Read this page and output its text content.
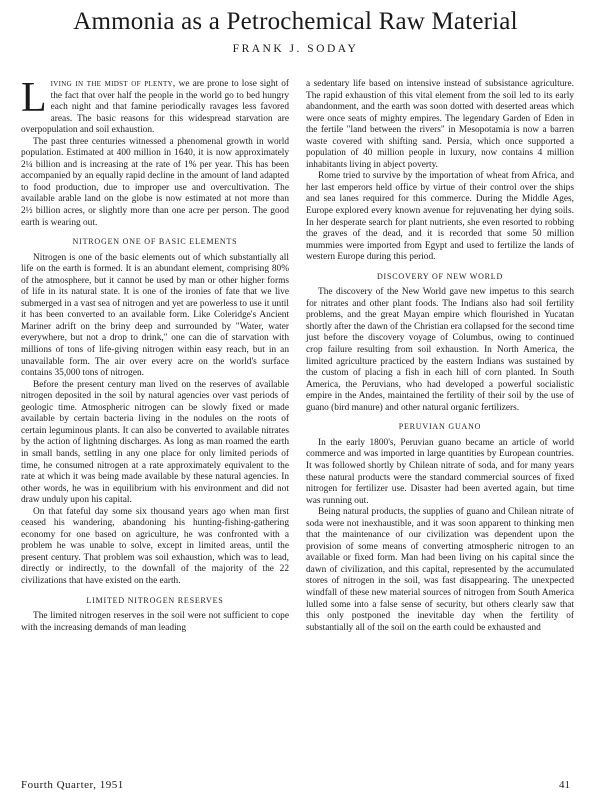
Ammonia as a Petrochemical Raw Material
FRANK J. SODAY

Living in the midst of plenty, we are prone to lose sight of the fact that over half the people in the world go to bed hungry each night and that famine periodically ravages less favored areas. The basic reasons for this widespread starvation are overpopulation and soil exhaustion.

The past three centuries witnessed a phenomenal growth in world population. Estimated at 400 million in 1640, it is now approximately 2¼ billion and is increasing at the rate of 1% per year. This has been accompanied by an equally rapid decline in the amount of land adapted to food production, due to improper use and overcultivation. The available arable land on the globe is now estimated at not more than 2½ billion acres, or slightly more than one acre per person. The good earth is wearing out.

NITROGEN ONE OF BASIC ELEMENTS

Nitrogen is one of the basic elements out of which substantially all life on the earth is formed. It is an abundant element, comprising 80% of the atmosphere, but it cannot be used by man or other higher forms of life in its natural state. It is one of the ironies of fate that we live submerged in a vast sea of nitrogen and yet are powerless to use it until it has been converted to an available form. Like Coleridge's Ancient Mariner adrift on the briny deep and surrounded by "Water, water everywhere, but not a drop to drink," one can die of starvation with millions of tons of life-giving nitrogen within easy reach, but in an unavailable form. The air over every acre on the world's surface contains 35,000 tons of nitrogen.

Before the present century man lived on the reserves of available nitrogen deposited in the soil by natural agencies over vast periods of geologic time. Atmospheric nitrogen can be slowly fixed or made available by certain bacteria living in the nodules on the roots of certain leguminous plants. It can also be converted to available nitrates by the action of lightning discharges. As long as man roamed the earth in small bands, settling in any one place for only limited periods of time, he consumed nitrogen at a rate approximately equivalent to the rate at which it was being made available by these natural agencies. In other words, he was in equilibrium with his environment and did not draw unduly upon his capital.

On that fateful day some six thousand years ago when man first ceased his wandering, abandoning his hunting-fishing-gathering economy for one based on agriculture, he was confronted with a problem he was unable to solve, except in limited areas, until the present century. That problem was soil exhaustion, which was to lead, directly or indirectly, to the downfall of the majority of the 22 civilizations that have existed on the earth.

LIMITED NITROGEN RESERVES

The limited nitrogen reserves in the soil were not sufficient to cope with the increasing demands of man leading

a sedentary life based on intensive instead of subsistance agriculture. The rapid exhaustion of this vital element from the soil led to its early abandonment, and the earth was soon dotted with deserted areas which were once seats of mighty empires. The legendary Garden of Eden in the fertile "land between the rivers" in Mesopotamia is now a barren waste covered with shifting sand. Persia, which once supported a population of 40 million people in luxury, now contains 4 million inhabitants living in abject poverty.

Rome tried to survive by the importation of wheat from Africa, and her last emperors held office by virtue of their control over the ships and sea lanes required for this commerce. During the Middle Ages, Europe explored every known avenue for rejuvenating her dying soils. In her desperate search for plant nutrients, she even resorted to robbing the graves of the dead, and it is recorded that some 50 million mummies were imported from Egypt and used to fertilize the lands of western Europe during this period.

DISCOVERY OF NEW WORLD

The discovery of the New World gave new impetus to this search for nitrates and other plant foods. The Indians also had soil fertility problems, and the great Mayan empire which flourished in Yucatan shortly after the dawn of the Christian era collapsed for the second time just before the discovery voyage of Columbus, owing to continued crop failure resulting from soil exhaustion. In North America, the limited agriculture practiced by the eastern Indians was sustained by the custom of placing a fish in each hill of corn planted. In South America, the Peruvians, who had developed a powerful socialistic empire in the Andes, maintained the fertility of their soil by the use of guano (bird manure) and other natural organic fertilizers.

PERUVIAN GUANO

In the early 1800's, Peruvian guano became an article of world commerce and was imported in large quantities by European countries. It was followed shortly by Chilean nitrate of soda, and for many years these natural products were the standard commercial sources of fixed nitrogen for fertilizer use. Disaster had been averted again, but time was running out.

Being natural products, the supplies of guano and Chilean nitrate of soda were not inexhaustible, and it was soon apparent to thinking men that the maintenance of our civilization was dependent upon the provision of some means of converting atmospheric nitrogen to an available or fixed form. Man had been living on his capital since the dawn of civilization, and this capital, represented by the accumulated stores of nitrogen in the soil, was fast disappearing. The unexpected windfall of these new material sources of nitrogen from South America lulled some into a false sense of security, but others clearly saw that this only postponed the inevitable day when the fertility of substantially all of the soil on the earth could be exhausted and

Fourth Quarter, 1951	41
